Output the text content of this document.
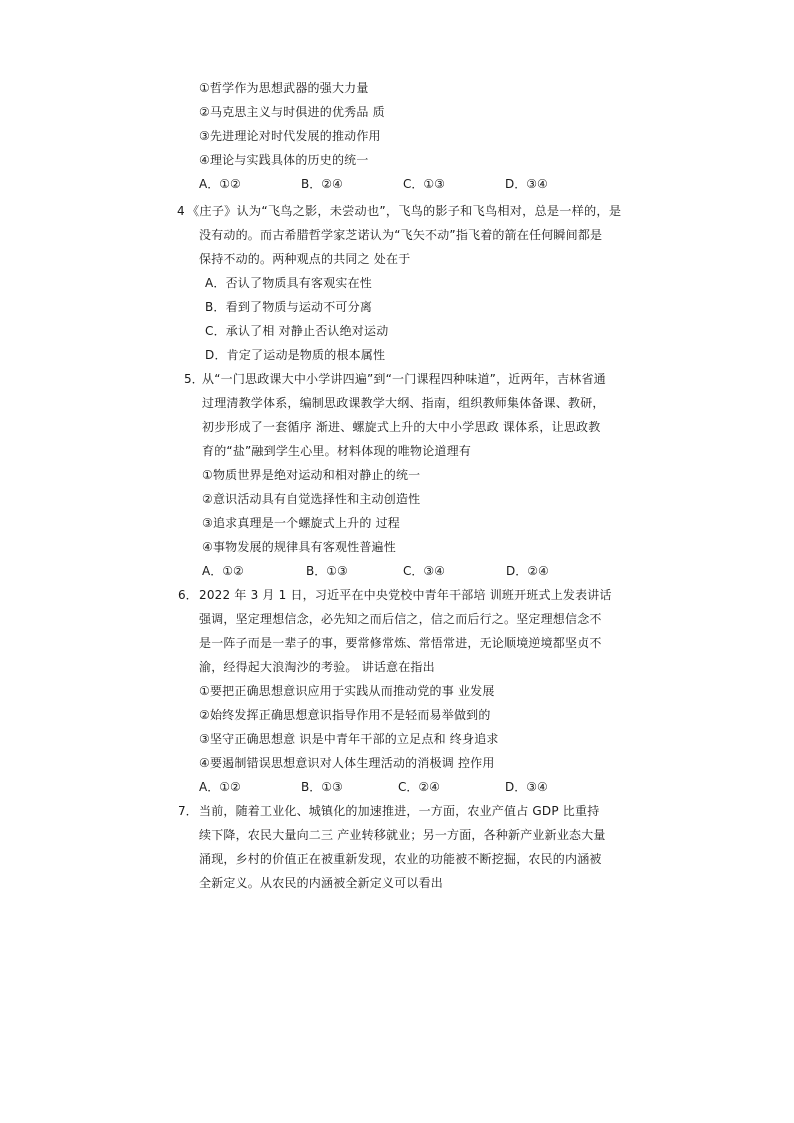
①哲学作为思想武器的强大力量
②马克思主义与时俱进的优秀品 质
③先进理论对时代发展的推动作用
④理论与实践具体的历史的统一
A．①②	B．②④	C．①③	D．③④
4 《庄子》认为“飞鸟之影，未尝动也”，飞鸟的影子和飞鸟相对，总是一样的，是
没有动的。而古希腊哲学家芝诺认为“飞矢不动”指飞着的箭在任何瞬间都是
保持不动的。两种观点的共同之 处在于
A．否认了物质具有客观实在性
B．看到了物质与运动不可分离
C．承认了相 对静止否认绝对运动
D．肯定了运动是物质的根本属性
5．
从“一门思政课大中小学讲四遍”到“一门课程四种味道”，近两年，吉林省通
过理清教学体系，编制思政课教学大纲、指南，组织教师集体备课、教研，
初步形成了一套循序 渐进、螺旋式上升的大中小学思政 课体系，让思政教
育的“盐”融到学生心里。材料体现的唯物论道理有
①物质世界是绝对运动和相对静止的统一
②意识活动具有自觉选择性和主动创造性
③追求真理是一个螺旋式上升的 过程
④事物发展的规律具有客观性普遍性
A．①②	B．①③	C．③④	D．②④
6． 2022 年 3 月 1 日，习近平在中央党校中青年干部培 训班开班式上发表讲话
强调，坚定理想信念，必先知之而后信之，信之而后行之。坚定理想信念不
是一阵子而是一辈子的事，要常修常炼、常悟常进，无论顺境逆境都坚贞不
渝，经得起大浪淘沙的考验。 讲话意在指出
①要把正确思想意识应用于实践从而推动党的事 业发展
②始终发挥正确思想意识指导作用不是轻而易举做到的
③坚守正确思想意 识是中青年干部的立足点和 终身追求
④要遏制错误思想意识对人体生理活动的消极调 控作用
A．①②	B．①③	C．②④	D．③④
7． 当前，随着工业化、城镇化的加速推进，一方面，农业产值占 GDP 比重持
续下降，农民大量向二三 产业转移就业；另一方面，各种新产业新业态大量
涌现，乡村的价值正在被重新发现，农业的功能被不断挖掘，农民的内涵被
全新定义。从农民的内涵被全新定义可以看出
